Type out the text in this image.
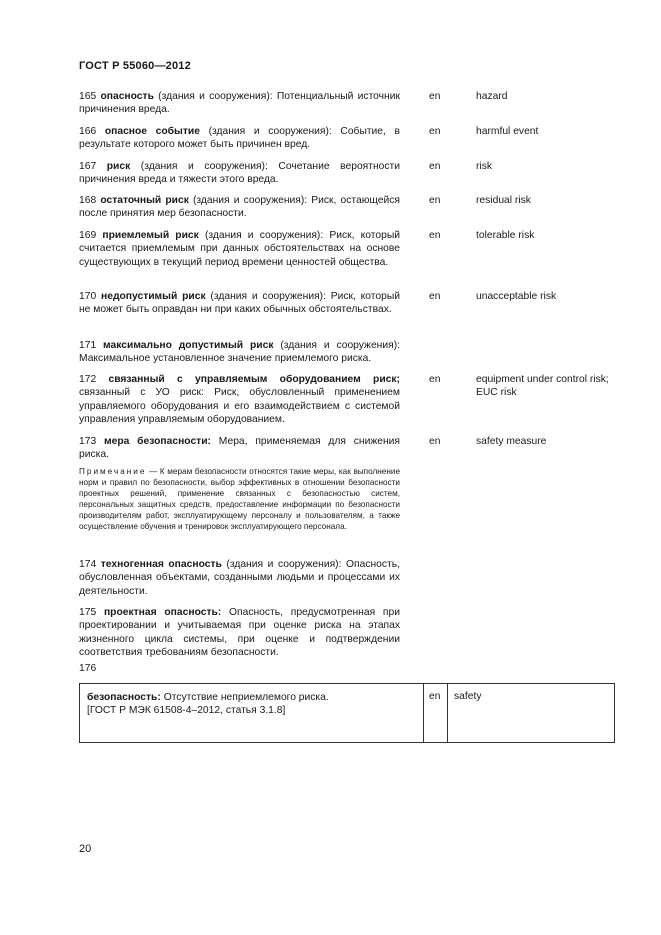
ГОСТ Р 55060—2012
165 опасность (здания и сооружения): Потенциальный источник причинения вреда.
en	hazard
166 опасное событие (здания и сооружения): Событие, в результате которого может быть причинен вред.
en	harmful event
167 риск (здания и сооружения): Сочетание вероятности причинения вреда и тяжести этого вреда.
en	risk
168 остаточный риск (здания и сооружения): Риск, остающейся после принятия мер безопасности.
en	residual risk
169 приемлемый риск (здания и сооружения): Риск, который считается приемлемым при данных обстоятельствах на основе существующих в текущий период времени ценностей общества.
en	tolerable risk
170 недопустимый риск (здания и сооружения): Риск, который не может быть оправдан ни при каких обычных обстоятельствах.
en	unacceptable risk
171 максимально допустимый риск (здания и сооружения): Максимальное установленное значение приемлемого риска.
172 связанный с управляемым оборудованием риск; связанный с УО риск: Риск, обусловленный применением управляемого оборудования и его взаимодействием с системой управления управляемым оборудованием.
en	equipment under control risk; EUC risk
173 мера безопасности: Мера, применяемая для снижения риска.
en	safety measure
Примечание — К мерам безопасности относятся такие меры, как выполнение норм и правил по безопасности, выбор эффективных в отношении безопасности проектных решений, применение связанных с безопасностью систем, персональных защитных средств, предоставление информации по безопасности производителям работ, эксплуатирующему персоналу и пользователям, а также осуществление обучения и тренировок эксплуатирующего персонала.
174 техногенная опасность (здания и сооружения): Опасность, обусловленная объектами, созданными людьми и процессами их деятельности.
175 проектная опасность: Опасность, предусмотренная при проектировании и учитываемая при оценке риска на этапах жизненного цикла системы, при оценке и подтверждении соответствия требованиям безопасности.
176
безопасность: Отсутствие неприемлемого риска.
[ГОСТ Р МЭК 61508-4–2012, статья 3.1.8]
en safety
20
